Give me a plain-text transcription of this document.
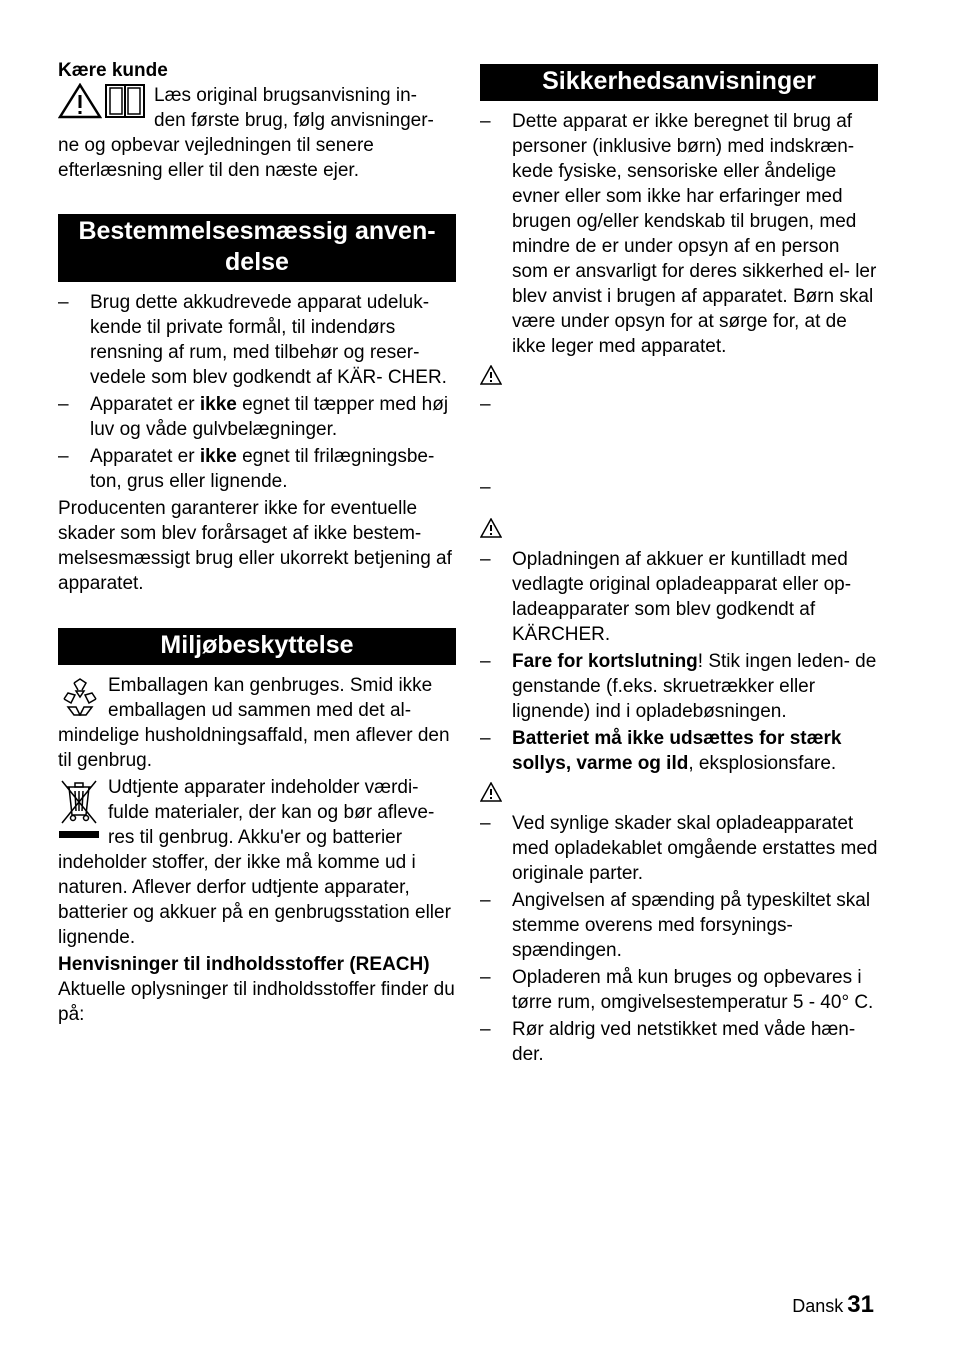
Kære kunde

Læs original brugsanvisning in-

den første brug, følg anvisninger-

ne og opbevar vejledningen til senere efterlæsning eller til den næste ejer.

Bestemmelsesmæssig anven- delse
– Brug dette akkudrevede apparat udeluk- kende til private formål, til indendørs rensning af rum, med tilbehør og reser- vedele som blev godkendt af KÄR- CHER.
– Apparatet er ikke egnet til tæpper med høj luv og våde gulvbelægninger.
– Apparatet er ikke egnet til frilægningsbe- ton, grus eller lignende.

Producenten garanterer ikke for eventuelle skader som blev forårsaget af ikke bestem- melsesmæssigt brug eller ukorrekt betjening af apparatet.

Miljøbeskyttelse

Emballagen kan genbruges. Smid ikke emballagen ud sammen med det al- mindelige husholdningsaffald, men aflever den til genbrug.

Udtjente apparater indeholder værdi- fulde materialer, der kan og bør afleve- res til genbrug. Akku'er og batterier indeholder stoffer, der ikke må komme ud i naturen. Aflever derfor udtjente apparater, batterier og akkuer på en genbrugsstation eller lignende.

Henvisninger til indholdsstoffer (REACH)

Aktuelle oplysninger til indholdsstoffer finder du på:

Sikkerhedsanvisninger
– Dette apparat er ikke beregnet til brug af personer (inklusive børn) med indskræn- kede fysiske, sensoriske eller åndelige evner eller som ikke har erfaringer med brugen og/eller kendskab til brugen, med mindre de er under opsyn af en person som er ansvarligt for deres sikkerhed el- ler blev anvist i brugen af apparatet. Børn skal være under opsyn for at sørge for, at de ikke leger med apparatet.
–
–
– Opladningen af akkuer er kuntilladt med vedlagte original opladeapparat eller op- ladeapparater som blev godkendt af KÄRCHER.
– Fare for kortslutning! Stik ingen leden- de genstande (f.eks. skruetrækker eller lignende) ind i opladebøsningen.
– Batteriet må ikke udsættes for stærk sollys, varme og ild, eksplosionsfare.
– Ved synlige skader skal opladeapparatet med opladekablet omgående erstattes med originale parter.
– Angivelsen af spænding på typeskiltet skal stemme overens med forsynings- spændingen.
– Opladeren må kun bruges og opbevares i tørre rum, omgivelsestemperatur 5 - 40° C.
– Rør aldrig ved netstikket med våde hæn- der.
Dansk 31
